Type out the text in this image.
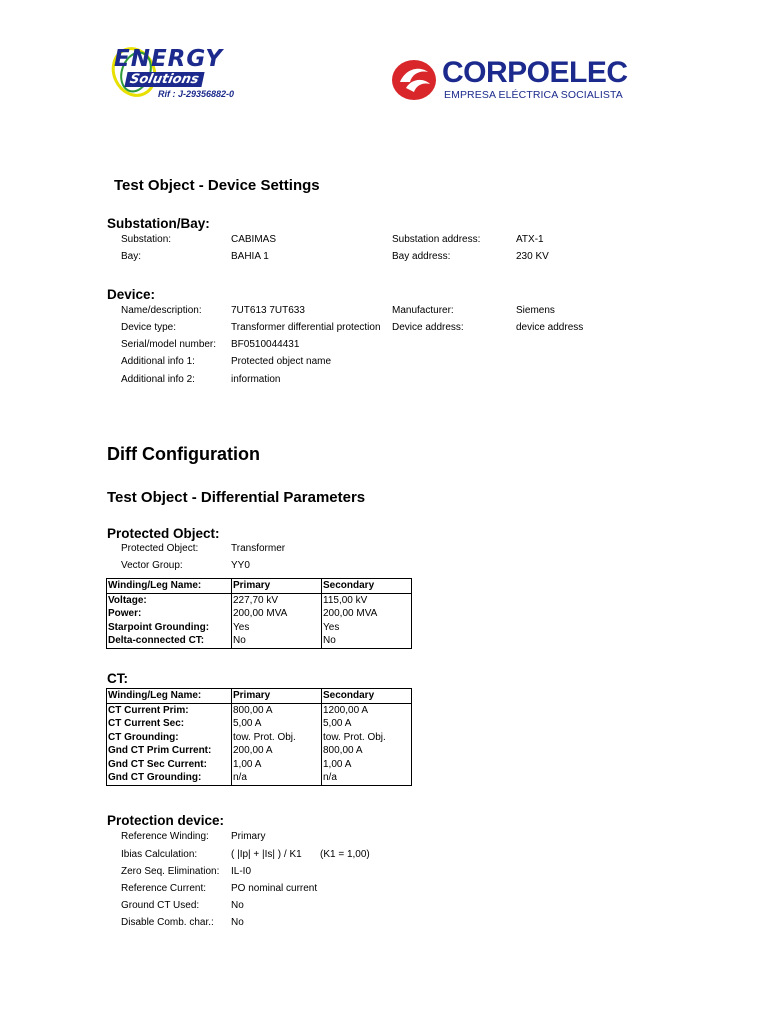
ENERGY
Solutions
Rif : J-29356882-0
CORPOELEC
EMPRESA ELÉCTRICA SOCIALISTA
Test Object - Device Settings
Substation/Bay:
Substation:	CABIMAS	Substation address:	ATX-1
Bay:	BAHIA 1	Bay address:	230 KV
Device:
Name/description:	7UT613 7UT633	Manufacturer:	Siemens
Device type:	Transformer differential protection Device address:	device address
Serial/model number: BF0510044431
Additional info 1:	Protected object name
Additional info 2:	information
Diff Configuration
Test Object - Differential Parameters
Protected Object:
Protected Object:	Transformer
Vector Group:	YY0
Winding/Leg Name:	Primary	Secondary
Voltage:	227,70 kV	115,00 kV
Power:	200,00 MVA	200,00 MVA
Starpoint Grounding:	Yes	Yes
Delta-connected CT:	No	No
CT:
Winding/Leg Name:	Primary	Secondary
CT Current Prim:	800,00 A	1200,00 A
CT Current Sec:	5,00 A	5,00 A
CT Grounding:	tow. Prot. Obj.	tow. Prot. Obj.
Gnd CT Prim Current:	200,00 A	800,00 A
Gnd CT Sec Current:	1,00 A	1,00 A
Gnd CT Grounding:	n/a	n/a
Protection device:
Reference Winding: Primary
Ibias Calculation:	( |Ip| + |Is| ) / K1 (K1 = 1,00)
Zero Seq. Elimination: IL-I0
Reference Current: PO nominal current
Ground CT Used:	No
Disable Comb. char.: No
